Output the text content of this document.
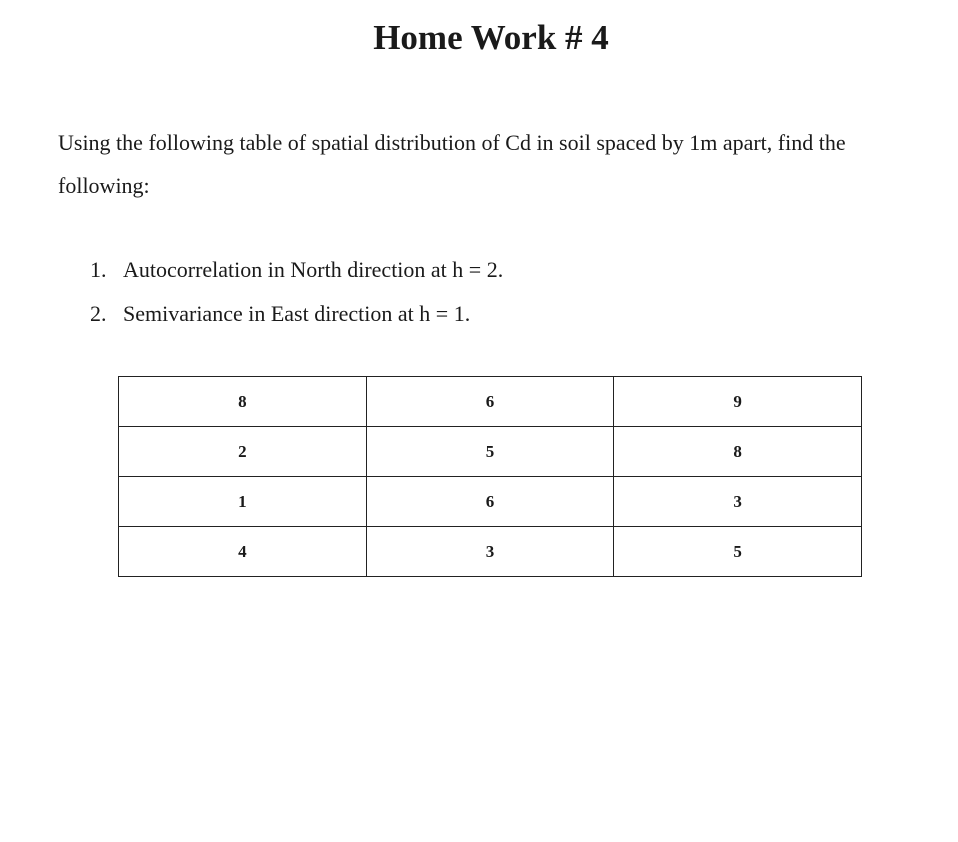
Home Work # 4

Using the following table of spatial distribution of Cd in soil spaced by 1m apart, find the following:

1. Autocorrelation in North direction at h = 2.
2. Semivariance in East direction at h = 1.
8	6	9
2	5	8
1	6	3
4	3	5
